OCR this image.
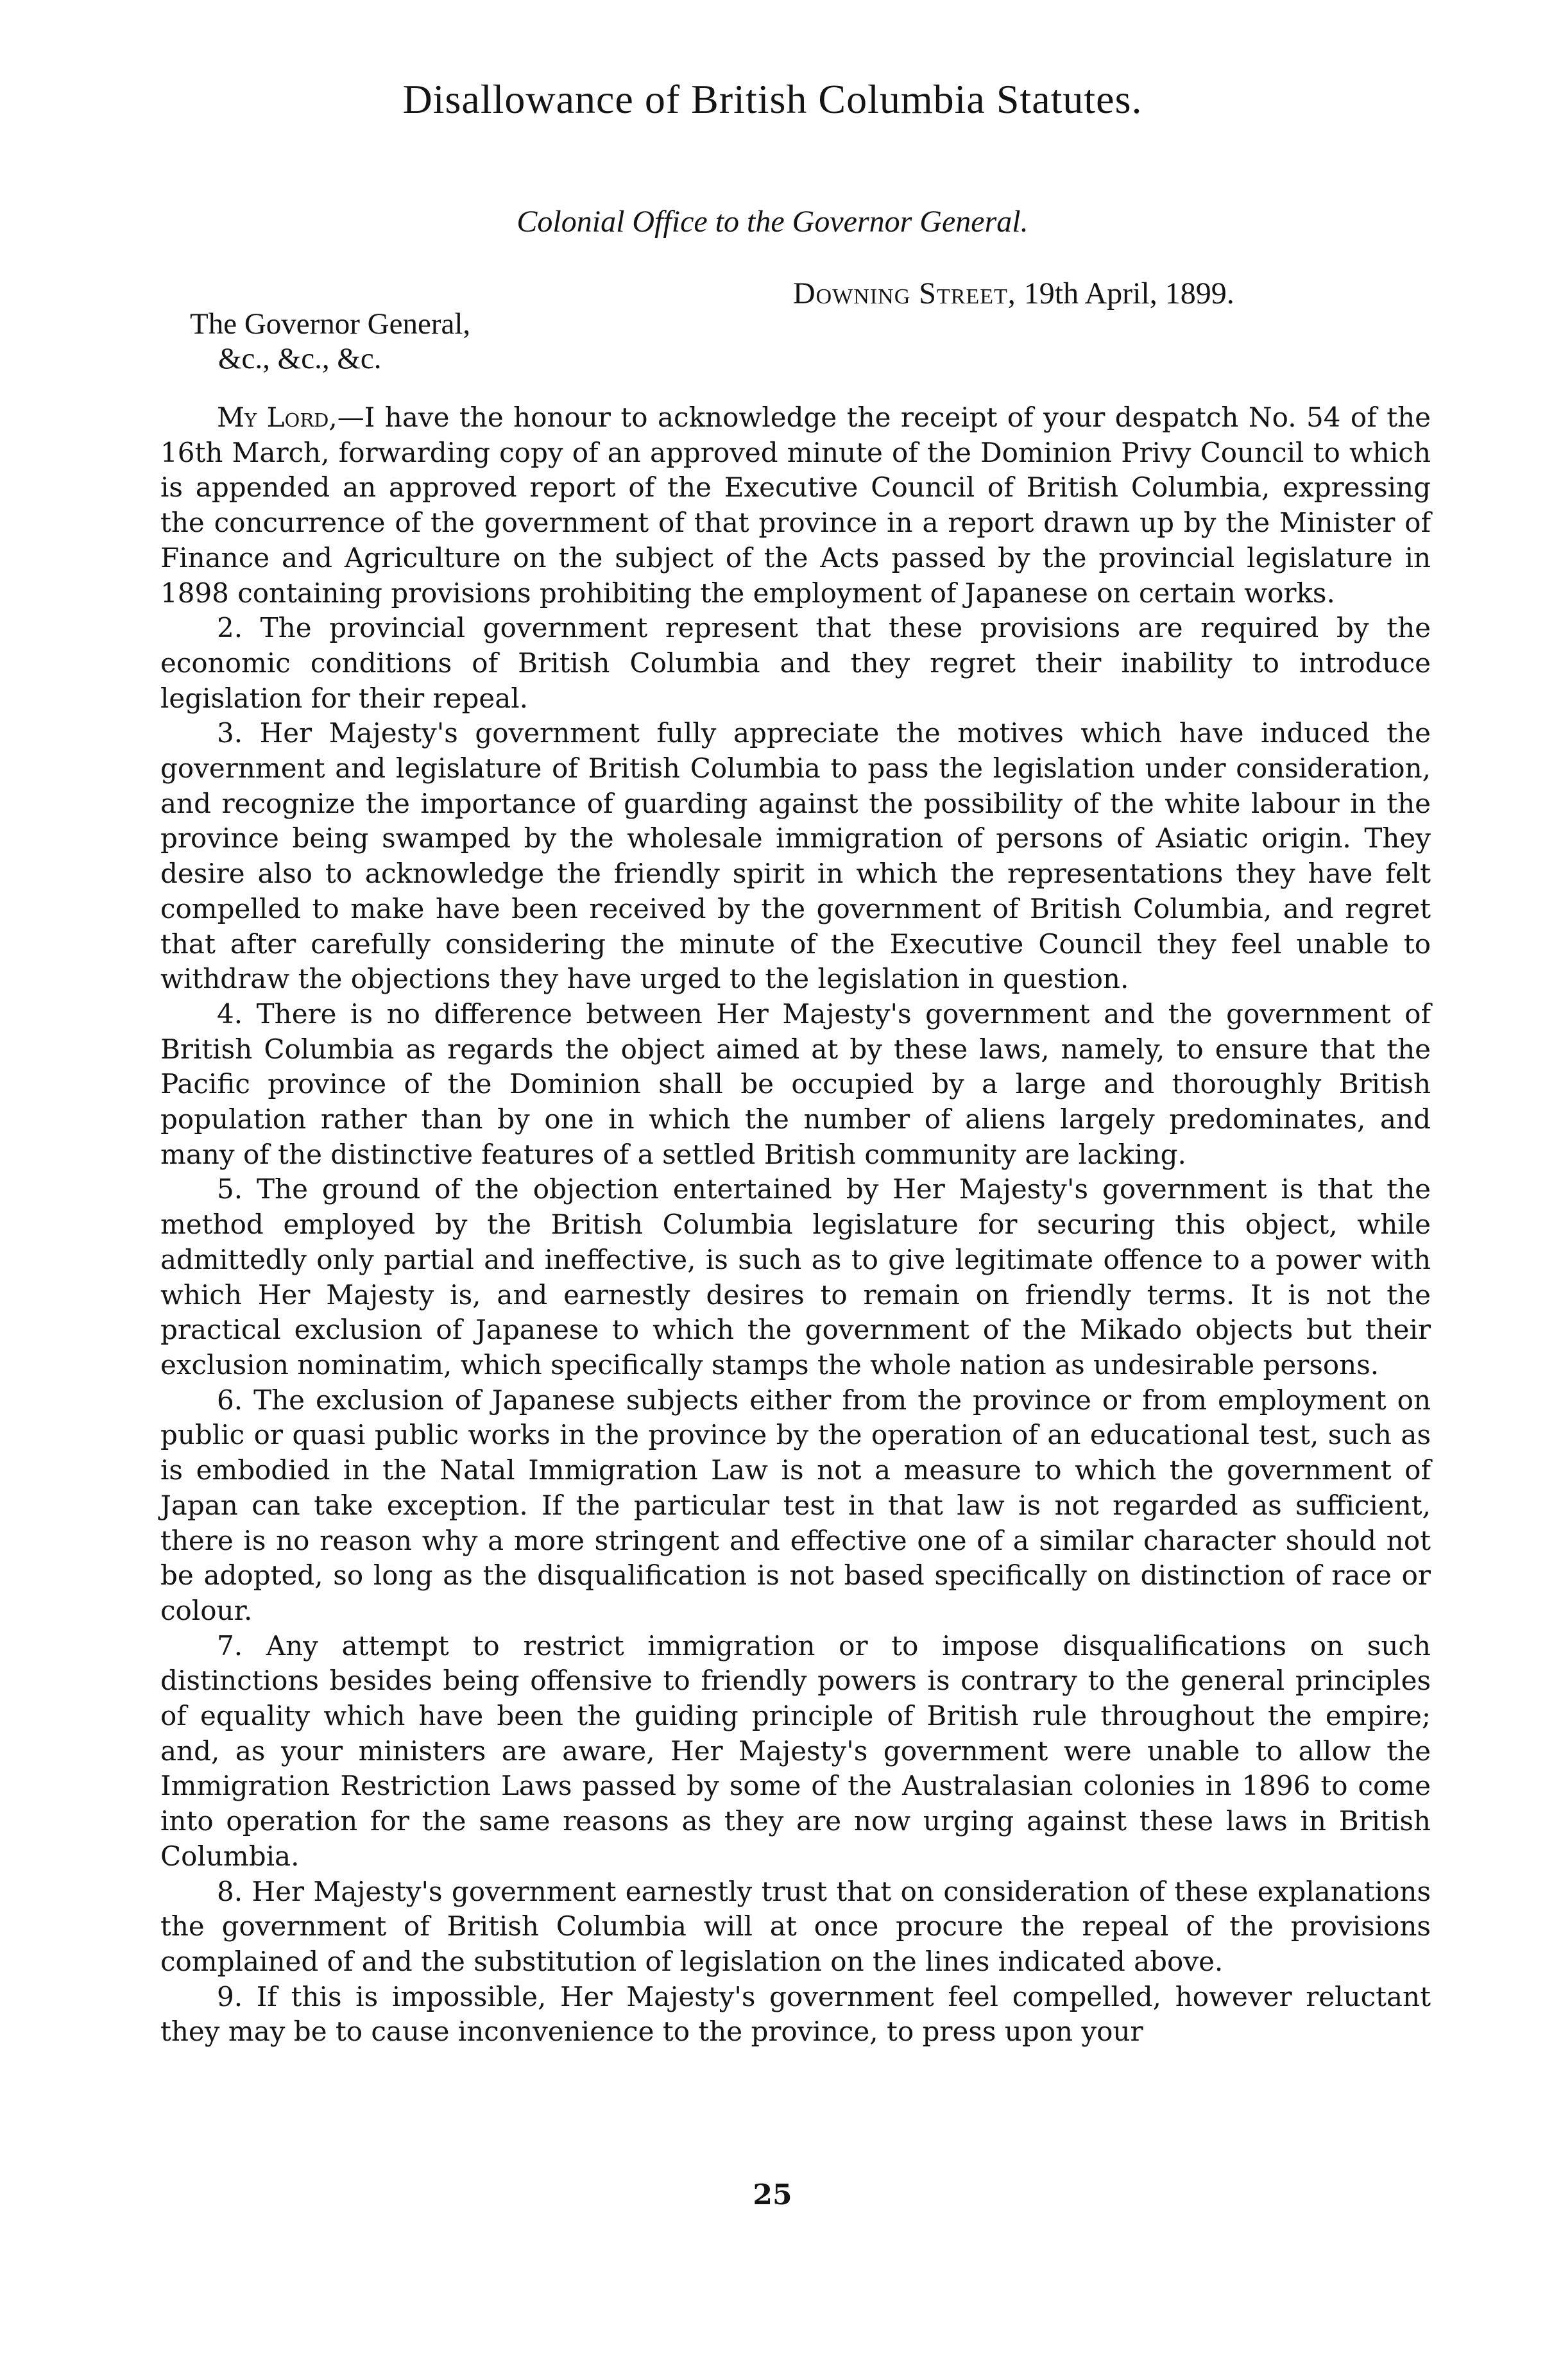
Disallowance of British Columbia Statutes.
Colonial Office to the Governor General.
Downing Street, 19th April, 1899.
The Governor General,
&c., &c., &c.

My Lord,—I have the honour to acknowledge the receipt of your despatch No. 54 of the 16th March, forwarding copy of an approved minute of the Dominion Privy Council to which is appended an approved report of the Executive Council of British Columbia, expressing the concurrence of the government of that province in a report drawn up by the Minister of Finance and Agriculture on the subject of the Acts passed by the provincial legislature in 1898 containing provisions prohibiting the employment of Japanese on certain works.

2. The provincial government represent that these provisions are required by the economic conditions of British Columbia and they regret their inability to introduce legislation for their repeal.

3. Her Majesty's government fully appreciate the motives which have induced the government and legislature of British Columbia to pass the legislation under consideration, and recognize the importance of guarding against the possibility of the white labour in the province being swamped by the wholesale immigration of persons of Asiatic origin. They desire also to acknowledge the friendly spirit in which the representations they have felt compelled to make have been received by the government of British Columbia, and regret that after carefully considering the minute of the Executive Council they feel unable to withdraw the objections they have urged to the legislation in question.

4. There is no difference between Her Majesty's government and the government of British Columbia as regards the object aimed at by these laws, namely, to ensure that the Pacific province of the Dominion shall be occupied by a large and thoroughly British population rather than by one in which the number of aliens largely predominates, and many of the distinctive features of a settled British community are lacking.

5. The ground of the objection entertained by Her Majesty's government is that the method employed by the British Columbia legislature for securing this object, while admittedly only partial and ineffective, is such as to give legitimate offence to a power with which Her Majesty is, and earnestly desires to remain on friendly terms. It is not the practical exclusion of Japanese to which the government of the Mikado objects but their exclusion nominatim, which specifically stamps the whole nation as undesirable persons.

6. The exclusion of Japanese subjects either from the province or from employment on public or quasi public works in the province by the operation of an educational test, such as is embodied in the Natal Immigration Law is not a measure to which the government of Japan can take exception. If the particular test in that law is not regarded as sufficient, there is no reason why a more stringent and effective one of a similar character should not be adopted, so long as the disqualification is not based specifically on distinction of race or colour.

7. Any attempt to restrict immigration or to impose disqualifications on such distinctions besides being offensive to friendly powers is contrary to the general principles of equality which have been the guiding principle of British rule throughout the empire; and, as your ministers are aware, Her Majesty's government were unable to allow the Immigration Restriction Laws passed by some of the Australasian colonies in 1896 to come into operation for the same reasons as they are now urging against these laws in British Columbia.

8. Her Majesty's government earnestly trust that on consideration of these explanations the government of British Columbia will at once procure the repeal of the provisions complained of and the substitution of legislation on the lines indicated above.

9. If this is impossible, Her Majesty's government feel compelled, however reluctant they may be to cause inconvenience to the province, to press upon your

25
